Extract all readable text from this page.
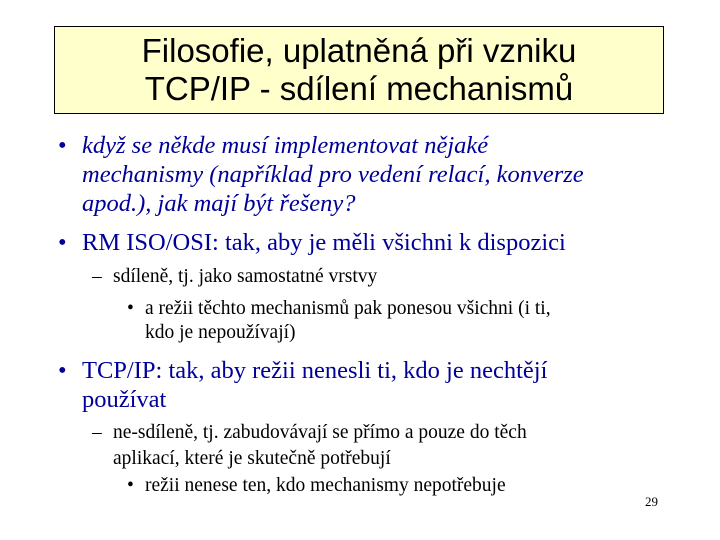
Filosofie, uplatněná při vzniku
TCP/IP - sdílení mechanismů
• když se někde musí implementovat nějaké
mechanismy (například pro vedení relací, konverze
apod.), jak mají být řešeny?
• RM ISO/OSI: tak, aby je měli všichni k dispozici
– sdíleně, tj. jako samostatné vrstvy
• a režii těchto mechanismů pak ponesou všichni (i ti,
kdo je nepoužívají)
• TCP/IP: tak, aby režii nenesli ti, kdo je nechtějí
používat
– ne-sdíleně, tj. zabudovávají se přímo a pouze do těch
aplikací, které je skutečně potřebují
• režii nenese ten, kdo mechanismy nepotřebuje
29
